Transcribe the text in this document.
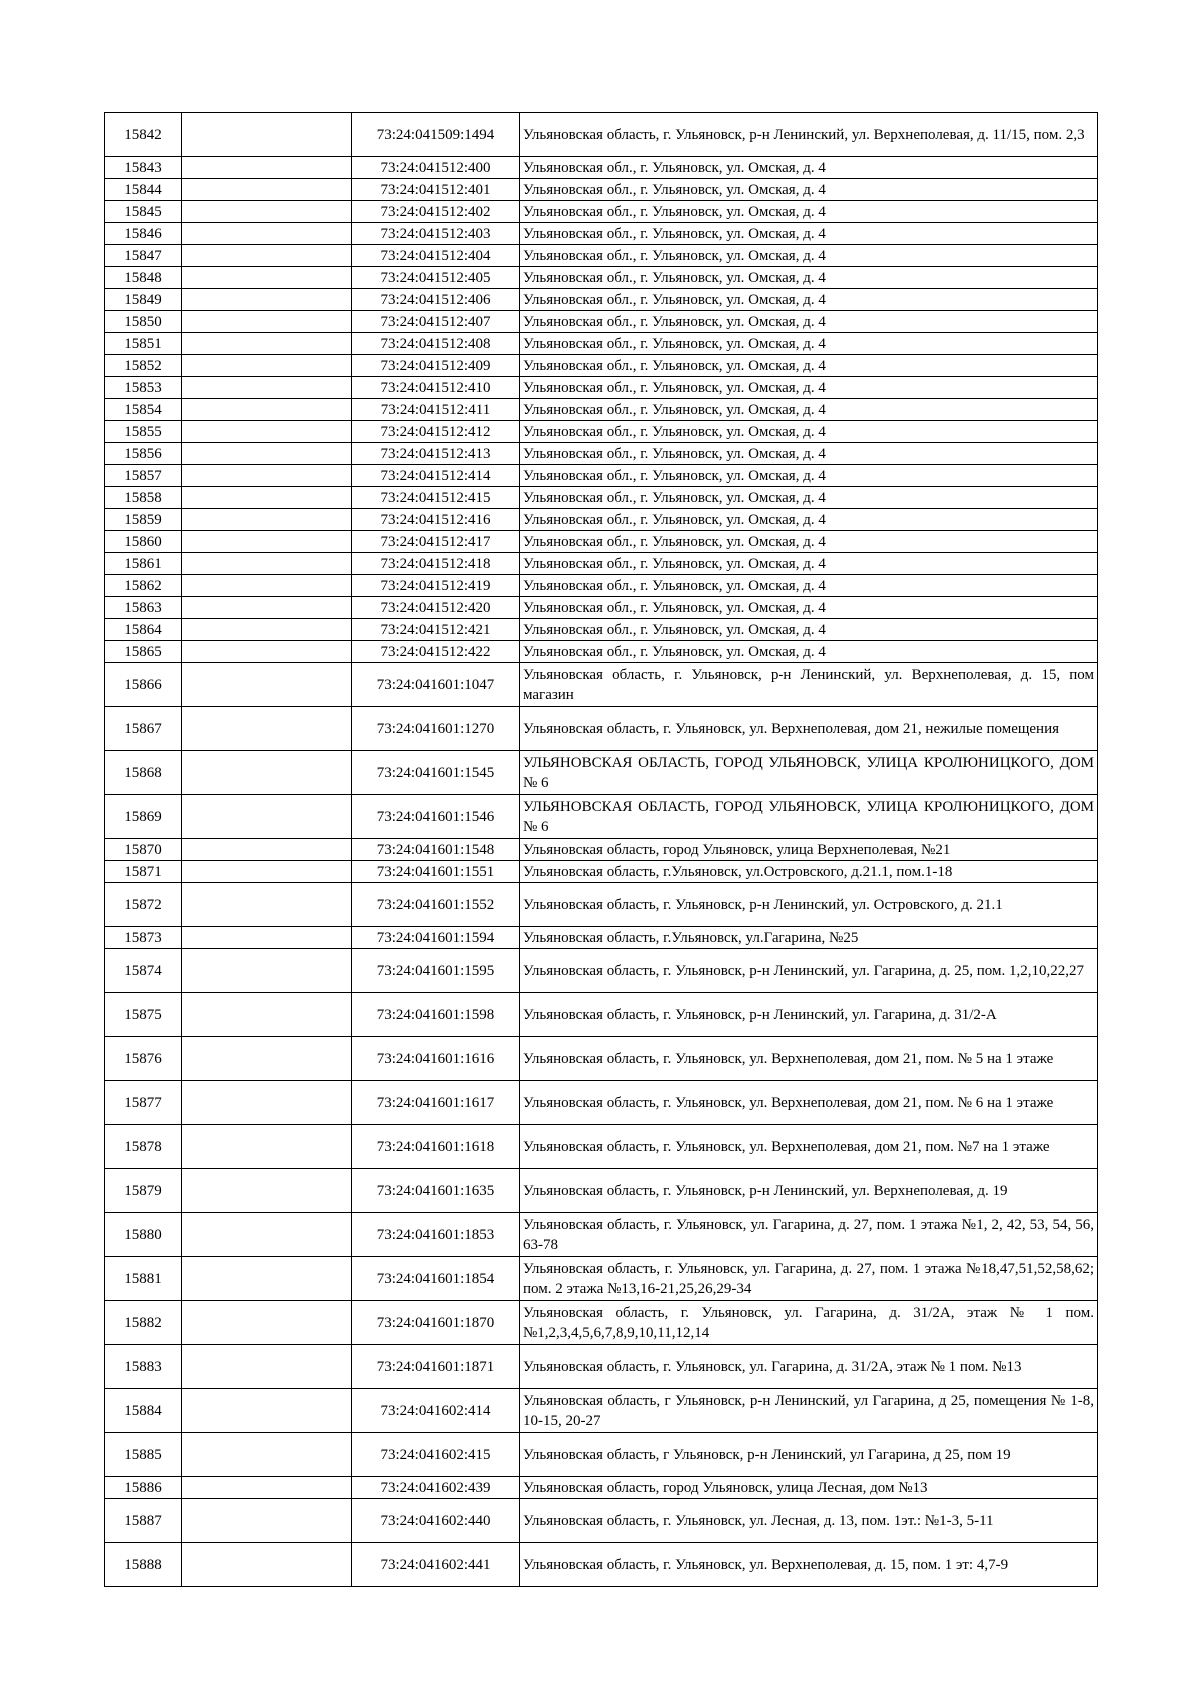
15842		73:24:041509:1494	Ульяновская область, г. Ульяновск, р-н Ленинский, ул. Верхнеполевая, д. 11/15, пом. 2,3
15843		73:24:041512:400	Ульяновская обл., г. Ульяновск, ул. Омская, д. 4
15844		73:24:041512:401	Ульяновская обл., г. Ульяновск, ул. Омская, д. 4
15845		73:24:041512:402	Ульяновская обл., г. Ульяновск, ул. Омская, д. 4
15846		73:24:041512:403	Ульяновская обл., г. Ульяновск, ул. Омская, д. 4
15847		73:24:041512:404	Ульяновская обл., г. Ульяновск, ул. Омская, д. 4
15848		73:24:041512:405	Ульяновская обл., г. Ульяновск, ул. Омская, д. 4
15849		73:24:041512:406	Ульяновская обл., г. Ульяновск, ул. Омская, д. 4
15850		73:24:041512:407	Ульяновская обл., г. Ульяновск, ул. Омская, д. 4
15851		73:24:041512:408	Ульяновская обл., г. Ульяновск, ул. Омская, д. 4
15852		73:24:041512:409	Ульяновская обл., г. Ульяновск, ул. Омская, д. 4
15853		73:24:041512:410	Ульяновская обл., г. Ульяновск, ул. Омская, д. 4
15854		73:24:041512:411	Ульяновская обл., г. Ульяновск, ул. Омская, д. 4
15855		73:24:041512:412	Ульяновская обл., г. Ульяновск, ул. Омская, д. 4
15856		73:24:041512:413	Ульяновская обл., г. Ульяновск, ул. Омская, д. 4
15857		73:24:041512:414	Ульяновская обл., г. Ульяновск, ул. Омская, д. 4
15858		73:24:041512:415	Ульяновская обл., г. Ульяновск, ул. Омская, д. 4
15859		73:24:041512:416	Ульяновская обл., г. Ульяновск, ул. Омская, д. 4
15860		73:24:041512:417	Ульяновская обл., г. Ульяновск, ул. Омская, д. 4
15861		73:24:041512:418	Ульяновская обл., г. Ульяновск, ул. Омская, д. 4
15862		73:24:041512:419	Ульяновская обл., г. Ульяновск, ул. Омская, д. 4
15863		73:24:041512:420	Ульяновская обл., г. Ульяновск, ул. Омская, д. 4
15864		73:24:041512:421	Ульяновская обл., г. Ульяновск, ул. Омская, д. 4
15865		73:24:041512:422	Ульяновская обл., г. Ульяновск, ул. Омская, д. 4
15866		73:24:041601:1047	Ульяновская область, г. Ульяновск, р-н Ленинский, ул. Верхнеполевая, д. 15, пом магазин
15867		73:24:041601:1270	Ульяновская область, г. Ульяновск, ул. Верхнеполевая, дом 21, нежилые помещения
15868		73:24:041601:1545	УЛЬЯНОВСКАЯ ОБЛАСТЬ, ГОРОД УЛЬЯНОВСК, УЛИЦА КРОЛЮНИЦКОГО, ДОМ № 6
15869		73:24:041601:1546	УЛЬЯНОВСКАЯ ОБЛАСТЬ, ГОРОД УЛЬЯНОВСК, УЛИЦА КРОЛЮНИЦКОГО, ДОМ № 6
15870		73:24:041601:1548	Ульяновская область, город Ульяновск, улица Верхнеполевая, №21
15871		73:24:041601:1551	Ульяновская область, г.Ульяновск, ул.Островского, д.21.1, пом.1-18
15872		73:24:041601:1552	Ульяновская область, г. Ульяновск, р-н Ленинский, ул. Островского, д. 21.1
15873		73:24:041601:1594	Ульяновская область, г.Ульяновск, ул.Гагарина, №25
15874		73:24:041601:1595	Ульяновская область, г. Ульяновск, р-н Ленинский, ул. Гагарина, д. 25, пом. 1,2,10,22,27
15875		73:24:041601:1598	Ульяновская область, г. Ульяновск, р-н Ленинский, ул. Гагарина, д. 31/2-А
15876		73:24:041601:1616	Ульяновская область, г. Ульяновск, ул. Верхнеполевая, дом 21, пом. № 5 на 1 этаже
15877		73:24:041601:1617	Ульяновская область, г. Ульяновск, ул. Верхнеполевая, дом 21, пом. № 6 на 1 этаже
15878		73:24:041601:1618	Ульяновская область, г. Ульяновск, ул. Верхнеполевая, дом 21, пом. №7 на 1 этаже
15879		73:24:041601:1635	Ульяновская область, г. Ульяновск, р-н Ленинский, ул. Верхнеполевая, д. 19
15880		73:24:041601:1853	Ульяновская область, г. Ульяновск, ул. Гагарина, д. 27, пом. 1 этажа №1, 2, 42, 53, 54, 56, 63-78
15881		73:24:041601:1854	Ульяновская область, г. Ульяновск, ул. Гагарина, д. 27, пом. 1 этажа №18,47,51,52,58,62; пом. 2 этажа №13,16-21,25,26,29-34
15882		73:24:041601:1870	Ульяновская область, г. Ульяновск, ул. Гагарина, д. 31/2А, этаж № 1 пом. №1,2,3,4,5,6,7,8,9,10,11,12,14
15883		73:24:041601:1871	Ульяновская область, г. Ульяновск, ул. Гагарина, д. 31/2А, этаж № 1 пом. №13
15884		73:24:041602:414	Ульяновская область, г Ульяновск, р-н Ленинский, ул Гагарина, д 25, помещения № 1-8, 10-15, 20-27
15885		73:24:041602:415	Ульяновская область, г Ульяновск, р-н Ленинский, ул Гагарина, д 25, пом 19
15886		73:24:041602:439	Ульяновская область, город Ульяновск, улица Лесная, дом №13
15887		73:24:041602:440	Ульяновская область, г. Ульяновск, ул. Лесная, д. 13, пом. 1эт.: №1-3, 5-11
15888		73:24:041602:441	Ульяновская область, г. Ульяновск, ул. Верхнеполевая, д. 15, пом. 1 эт: 4,7-9
